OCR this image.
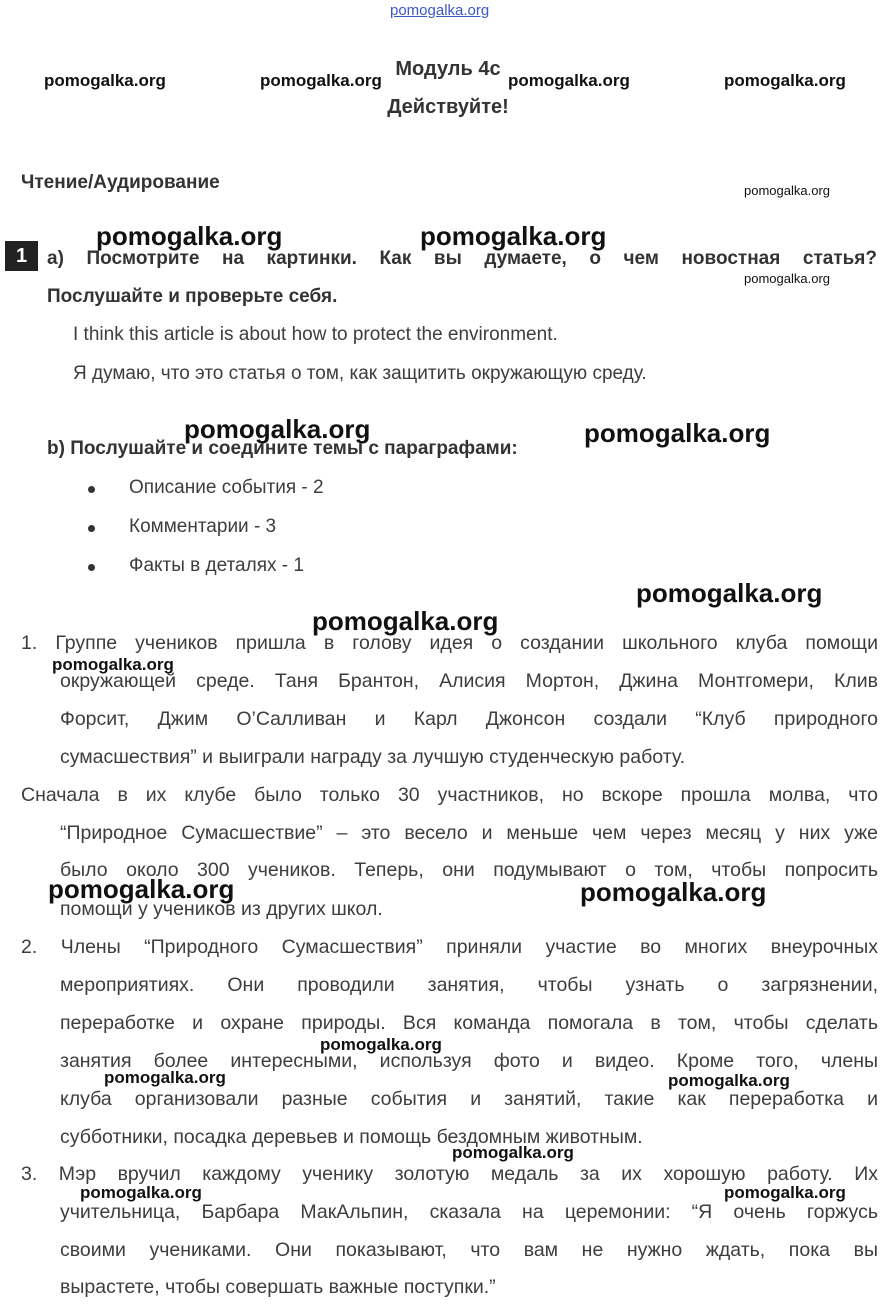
pomogalka.org
pomogalka.org	pomogalka.org	pomogalka.org	pomogalka.org
Модуль 4c
Действуйте!
Чтение/Аудирование	pomogalka.org
1
pomogalka.org	pomogalka.org
a) Посмотрите на картинки. Как вы думаете, о чем новостная статья?
pomogalka.org
Послушайте и проверьте себя.
I think this article is about how to protect the environment.
Я думаю, что это статья о том, как защитить окружающую среду.
pomogalka.org	pomogalka.org
b) Послушайте и соедините темы с параграфами:
Описание события - 2
Комментарии - 3
Факты в деталях - 1
pomogalka.org
pomogalka.org
1. Группе учеников пришла в голову идея о создании школьного клуба помощи
pomogalka.org
окружающей среде. Таня Брантон, Алисия Мортон, Джина Монтгомери, Клив
Форсит, Джим О’Салливан и Карл Джонсон создали “Клуб природного
сумасшествия” и выиграли награду за лучшую студенческую работу.
Сначала в их клубе было только 30 участников, но вскоре прошла молва, что
“Природное Сумасшествие” – это весело и меньше чем через месяц у них уже
было около 300 учеников. Теперь, они подумывают о том, чтобы попросить
помощи у учеников из других школ.
pomogalka.org	pomogalka.org
2. Члены “Природного Сумасшествия” приняли участие во многих внеурочных
мероприятиях. Они проводили занятия, чтобы узнать о загрязнении,
переработке и охране природы. Вся команда помогала в том, чтобы сделать
pomogalka.org
занятия более интересными, используя фото и видео. Кроме того, члены
pomogalka.org	pomogalka.org
клуба организовали разные события и занятий, такие как переработка и
субботники, посадка деревьев и помощь бездомным животным.
pomogalka.org
3. Мэр вручил каждому ученику золотую медаль за их хорошую работу. Их
pomogalka.org	pomogalka.org
учительница, Барбара МакАльпин, сказала на церемонии: “Я очень горжусь
своими учениками. Они показывают, что вам не нужно ждать, пока вы
вырастете, чтобы совершать важные поступки.”
